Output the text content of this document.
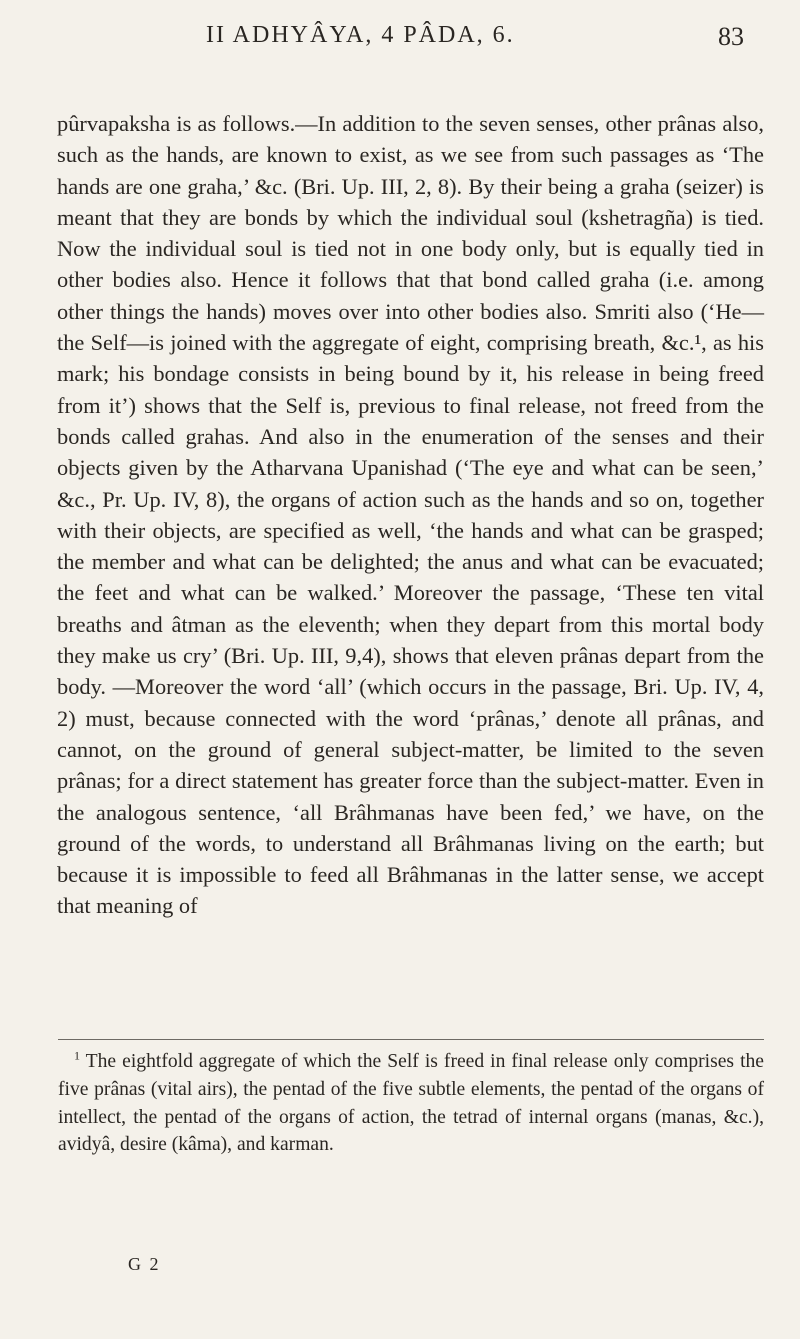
II ADHYÂYA, 4 PÂDA, 6.	83

pûrvapaksha is as follows.—In addition to the seven senses, other prânas also, such as the hands, are known to exist, as we see from such passages as ‘The hands are one graha,’ &c. (Bri. Up. III, 2, 8). By their being a graha (seizer) is meant that they are bonds by which the individual soul (kshetragña) is tied. Now the individual soul is tied not in one body only, but is equally tied in other bodies also. Hence it follows that that bond called graha (i.e. among other things the hands) moves over into other bodies also. Smriti also (‘He—the Self—is joined with the aggregate of eight, comprising breath, &c.¹, as his mark; his bondage consists in being bound by it, his release in being freed from it’) shows that the Self is, previous to final release, not freed from the bonds called grahas. And also in the enumeration of the senses and their objects given by the Atharvana Upanishad (‘The eye and what can be seen,’ &c., Pr. Up. IV, 8), the organs of action such as the hands and so on, together with their objects, are specified as well, ‘the hands and what can be grasped; the member and what can be delighted; the anus and what can be evacuated; the feet and what can be walked.’ Moreover the passage, ‘These ten vital breaths and âtman as the eleventh; when they depart from this mortal body they make us cry’ (Bri. Up. III, 9,4), shows that eleven prânas depart from the body. —Moreover the word ‘all’ (which occurs in the passage, Bri. Up. IV, 4, 2) must, because connected with the word ‘prânas,’ denote all prânas, and cannot, on the ground of general subject-matter, be limited to the seven prânas; for a direct statement has greater force than the subject-matter. Even in the analogous sentence, ‘all Brâhmanas have been fed,’ we have, on the ground of the words, to understand all Brâhmanas living on the earth; but because it is impossible to feed all Brâhmanas in the latter sense, we accept that meaning of

$^1$ The eightfold aggregate of which the Self is freed in final release only comprises the five prânas (vital airs), the pentad of the five subtle elements, the pentad of the organs of intellect, the pentad of the organs of action, the tetrad of internal organs (manas, &c.), avidyâ, desire (kâma), and karman.

G 2
